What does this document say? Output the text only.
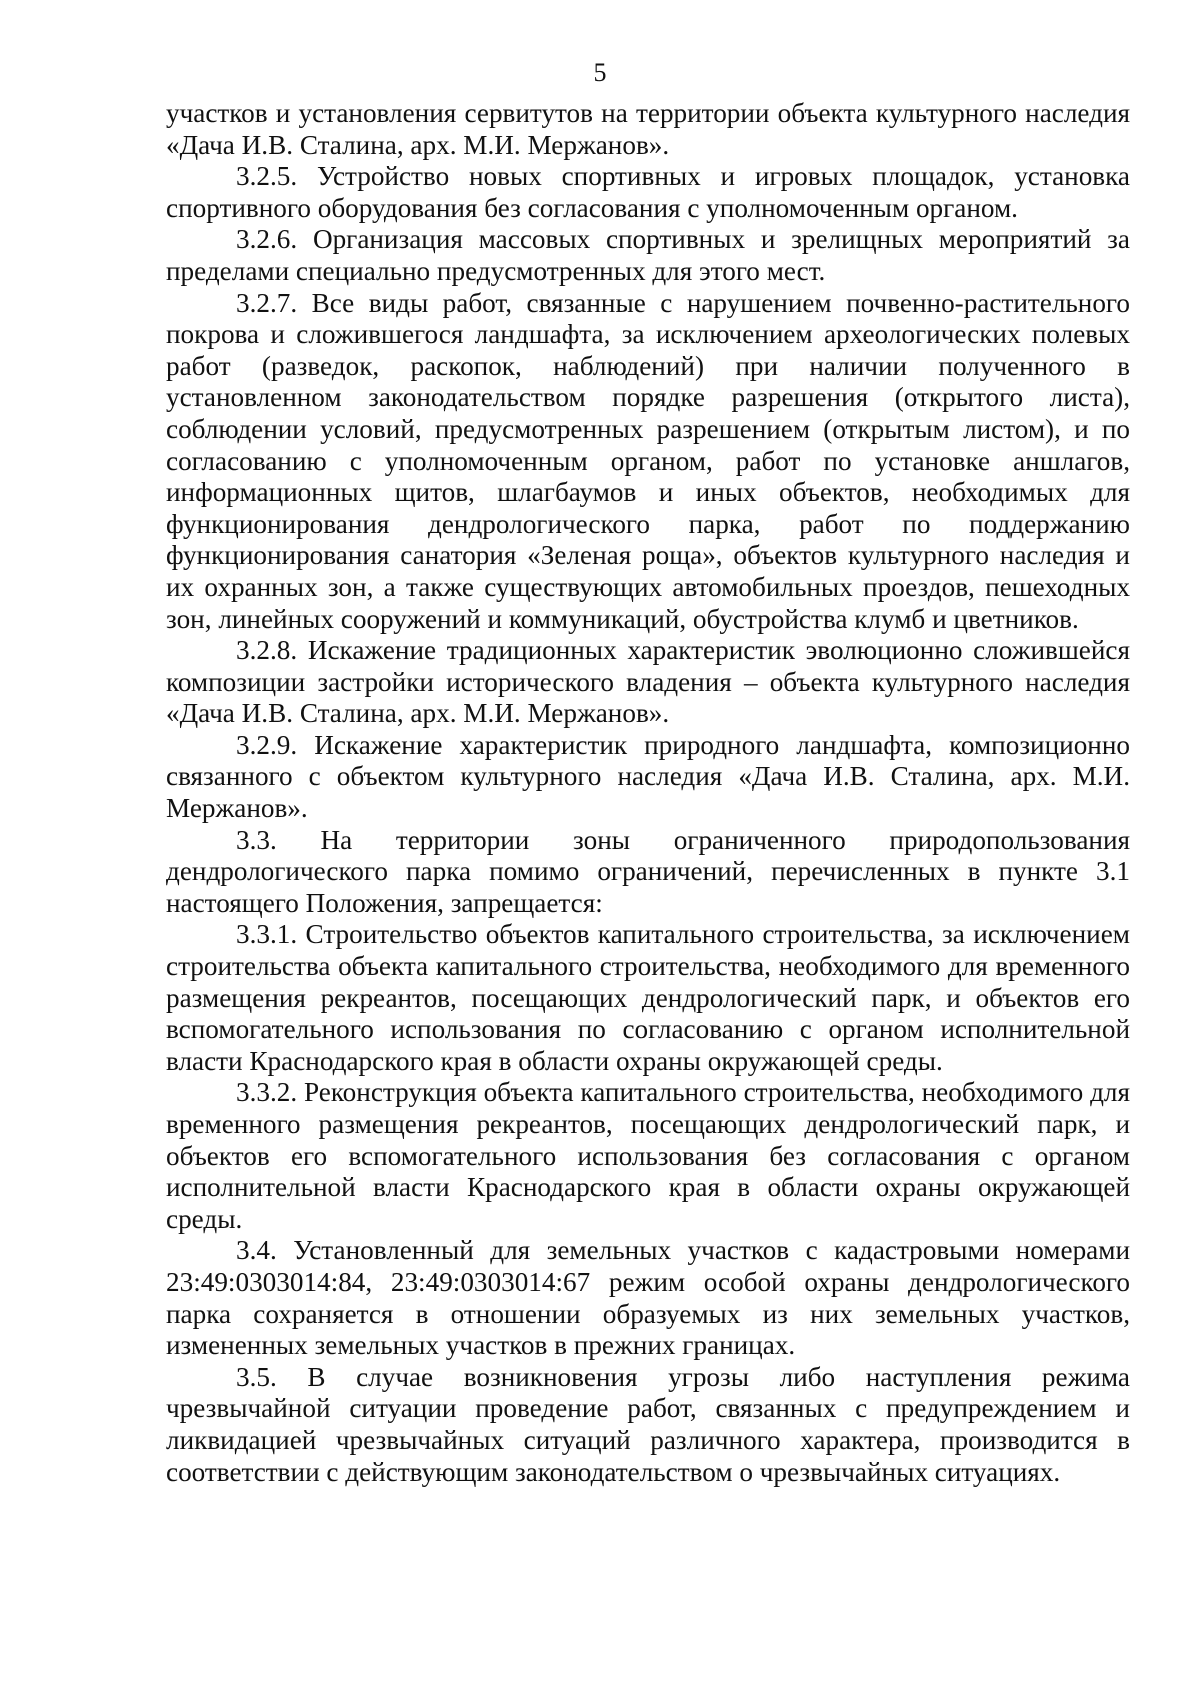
5

участков и установления сервитутов на территории объекта культурного наследия «Дача И.В. Сталина, арх. М.И. Мержанов».

3.2.5. Устройство новых спортивных и игровых площадок, установка спортивного оборудования без согласования с уполномоченным органом.

3.2.6. Организация массовых спортивных и зрелищных мероприятий за пределами специально предусмотренных для этого мест.

3.2.7. Все виды работ, связанные с нарушением почвенно-растительного покрова и сложившегося ландшафта, за исключением археологических полевых работ (разведок, раскопок, наблюдений) при наличии полученного в установленном законодательством порядке разрешения (открытого листа), соблюдении условий, предусмотренных разрешением (открытым листом), и по согласованию с уполномоченным органом, работ по установке аншлагов, информационных щитов, шлагбаумов и иных объектов, необходимых для функционирования дендрологического парка, работ по поддержанию функционирования санатория «Зеленая роща», объектов культурного наследия и их охранных зон, а также существующих автомобильных проездов, пешеходных зон, линейных сооружений и коммуникаций, обустройства клумб и цветников.

3.2.8. Искажение традиционных характеристик эволюционно сложившейся композиции застройки исторического владения – объекта культурного наследия «Дача И.В. Сталина, арх. М.И. Мержанов».

3.2.9. Искажение характеристик природного ландшафта, композиционно связанного с объектом культурного наследия «Дача И.В. Сталина, арх. М.И. Мержанов».

3.3. На территории зоны ограниченного природопользования дендрологического парка помимо ограничений, перечисленных в пункте 3.1 настоящего Положения, запрещается:

3.3.1. Строительство объектов капитального строительства, за исключением строительства объекта капитального строительства, необходимого для временного размещения рекреантов, посещающих дендрологический парк, и объектов его вспомогательного использования по согласованию с органом исполнительной власти Краснодарского края в области охраны окружающей среды.

3.3.2. Реконструкция объекта капитального строительства, необходимого для временного размещения рекреантов, посещающих дендрологический парк, и объектов его вспомогательного использования без согласования с органом исполнительной власти Краснодарского края в области охраны окружающей среды.

3.4. Установленный для земельных участков с кадастровыми номерами 23:49:0303014:84, 23:49:0303014:67 режим особой охраны дендрологического парка сохраняется в отношении образуемых из них земельных участков, измененных земельных участков в прежних границах.

3.5. В случае возникновения угрозы либо наступления режима чрезвычайной ситуации проведение работ, связанных с предупреждением и ликвидацией чрезвычайных ситуаций различного характера, производится в соответствии с действующим законодательством о чрезвычайных ситуациях.
